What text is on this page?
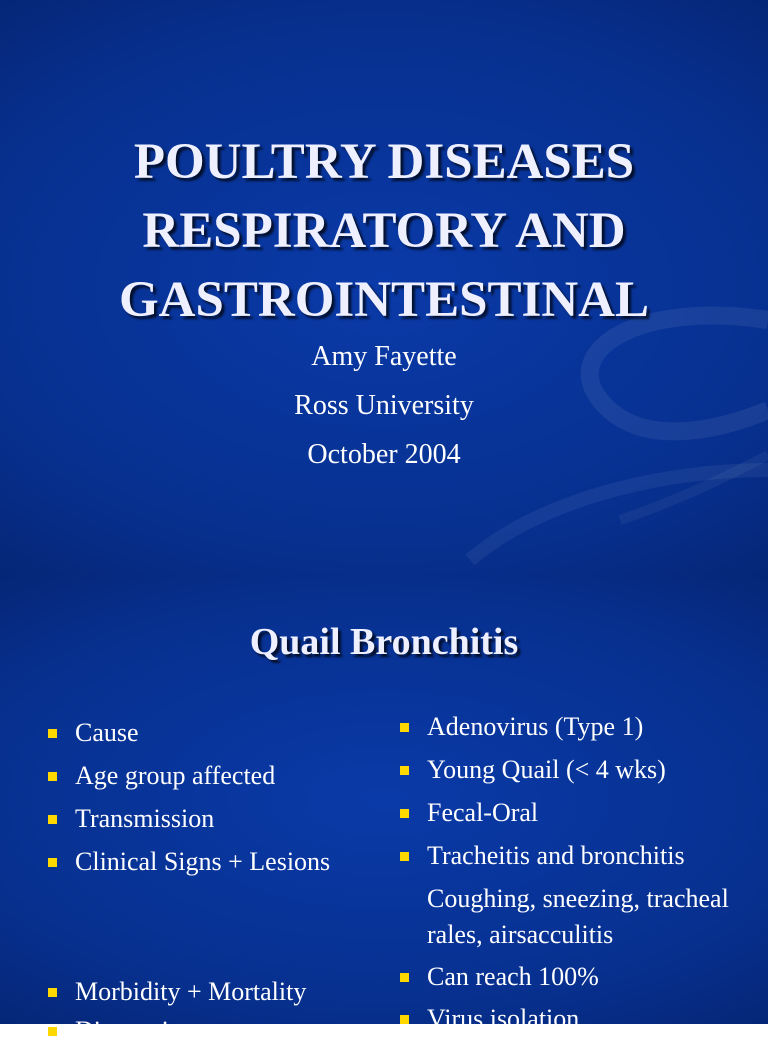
POULTRY DISEASES
RESPIRATORY AND
GASTROINTESTINAL
Amy Fayette
Ross University
October 2004
Quail Bronchitis
Cause
Age group affected
Transmission
Clinical Signs + Lesions
Morbidity + Mortality
Diagnosis
Adenovirus (Type 1)
Young Quail (< 4 wks)
Fecal-Oral
Tracheitis and bronchitis
Coughing, sneezing, tracheal
rales, airsacculitis
Can reach 100%
Virus isolation
